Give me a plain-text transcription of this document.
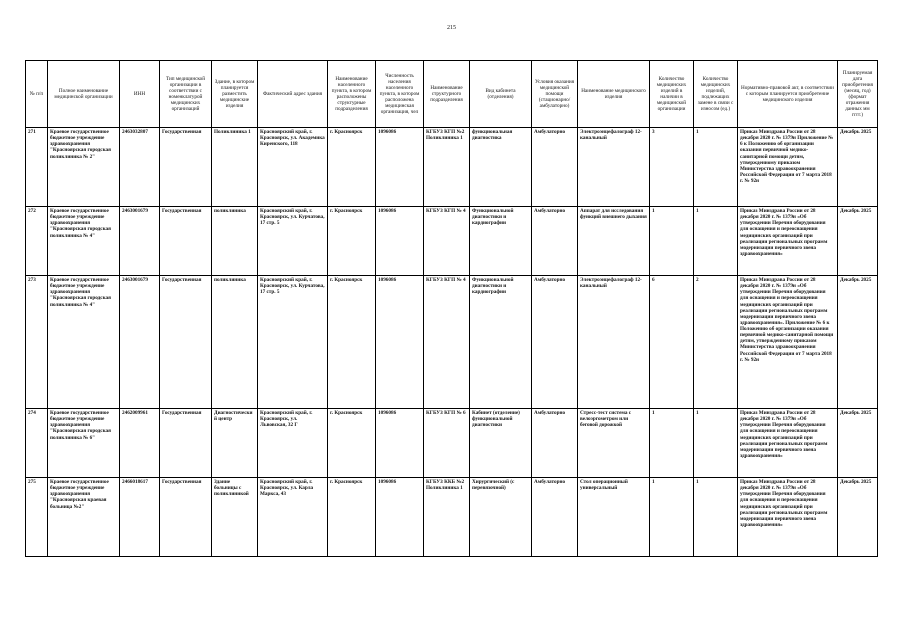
215
№ п/п	Полное наименование медицинской организации	ИНН	Тип медицинской организации в соответствии с номенклатурой медицинских организаций	Здание, в котором планируется разместить медицинские изделия	Фактический адрес здания	Наименование населенного пункта, в котором расположены структурные подразделения	Численность населения населенного пункта, в котором расположена медицинская организация, чел	Наименование структурного подразделения	Вид кабинета (отделения)	Условия оказания медицинской помощи (стационарно/амбулаторно)	Наименование медицинского изделия	Количество медицинских изделий в наличии в медицинской организации	Количество медицинских изделий, подлежащих замене в связи с износом (ед.)	Нормативно-правовой акт, в соответствии с которым планируется приобретение медицинского изделия	Планируемая дата приобретения (месяц, год) (формат отражения данных мм гггг.)
271	Краевое государственное бюджетное учреждение здравоохранения "Красноярская городская поликлиника № 2"	2463032807	Государственная	Поликлиника 1	Красноярский край, г. Красноярск, ул. Академика Киренского, 118	г. Красноярск	1096086	КГБУЗ КГП №2 Поликлиника 1	функциональная диагностика	Амбулаторно	Электроэнцефалограф 12-канальный	3	1	Приказ Минздрава России от 28 декабря 2020 г. № 1379н Приложение № 6 к Положению об организации оказания первичной медико-санитарной помощи детям, утвержденному приказом Министерства здравоохранения Российской Федерации от 7 марта 2018 г. № 92н	Декабрь 2025
272	Краевое государственное бюджетное учреждение здравоохранения "Красноярская городская поликлиника № 4"	2463001679	Государственная	поликлиника	Красноярский край, г. Красноярск, ул. Курчатова, 17 стр. 5	г. Красноярск	1096086	КГБУЗ КГП № 4	Функциональной диагностики и кардиографии	Амбулаторно	Аппарат для исследования функций внешнего дыхания	1	1	Приказ Минздрава России от 28 декабря 2020 г. № 1379н «Об утверждении Перечня оборудования для оснащения и переоснащения медицинских организаций при реализации региональных программ модернизации первичного звена здравоохранения»	Декабрь 2025
273	Краевое государственное бюджетное учреждение здравоохранения "Красноярская городская поликлиника № 4"	2463001679	Государственная	поликлиника	Красноярский край, г. Красноярск, ул. Курчатова, 17 стр. 5	г. Красноярск	1096086	КГБУЗ КГП № 4	Функциональной диагностики и кардиографии	Амбулаторно	Электроэнцефалограф 12-канальный	6	2	Приказ Минздрава России от 28 декабря 2020 г. № 1379н «Об утверждении Перечня оборудования для оснащения и переоснащения медицинских организаций при реализации региональных программ модернизации первичного звена здравоохранения». Приложение № 6 к Положению об организации оказания первичной медико-санитарной помощи детям, утвержденному приказом Министерства здравоохранения Российской Федерации от 7 марта 2018 г. № 92н	Декабрь 2025
274	Краевое государственное бюджетное учреждение здравоохранения "Красноярская городская поликлиника № 6"	2462009961	Государственная	Диагностический центр	Красноярский край, г. Красноярск, ул. Львовская, 32 Г	г. Красноярск	1096086	КГБУЗ КГП № 6	Кабинет (отделение) функциональной диагностики	Амбулаторно	Стресс-тест система с велоэргометром или беговой дорожкой	1	1	Приказ Минздрава России от 28 декабря 2020 г. № 1379н «Об утверждении Перечня оборудования для оснащения и переоснащения медицинских организаций при реализации региональных программ модернизации первичного звена здравоохранения»	Декабрь 2025
275	Краевое государственное бюджетное учреждение здравоохранения "Красноярская краевая больница №2"	2466018617	Государственная	Здание больницы с поликлиникой	Красноярский край, г. Красноярск, ул. Карла Маркса, 43	г. Красноярск	1096086	КГБУЗ ККБ №2 Поликлиника 1	Хирургический (с перевязочной)	Амбулаторно	Стол операционный универсальный	1	1	Приказ Минздрава России от 28 декабря 2020 г. № 1379н «Об утверждении Перечня оборудования для оснащения и переоснащения медицинских организаций при реализации региональных программ модернизации первичного звена здравоохранения»	Декабрь 2025
